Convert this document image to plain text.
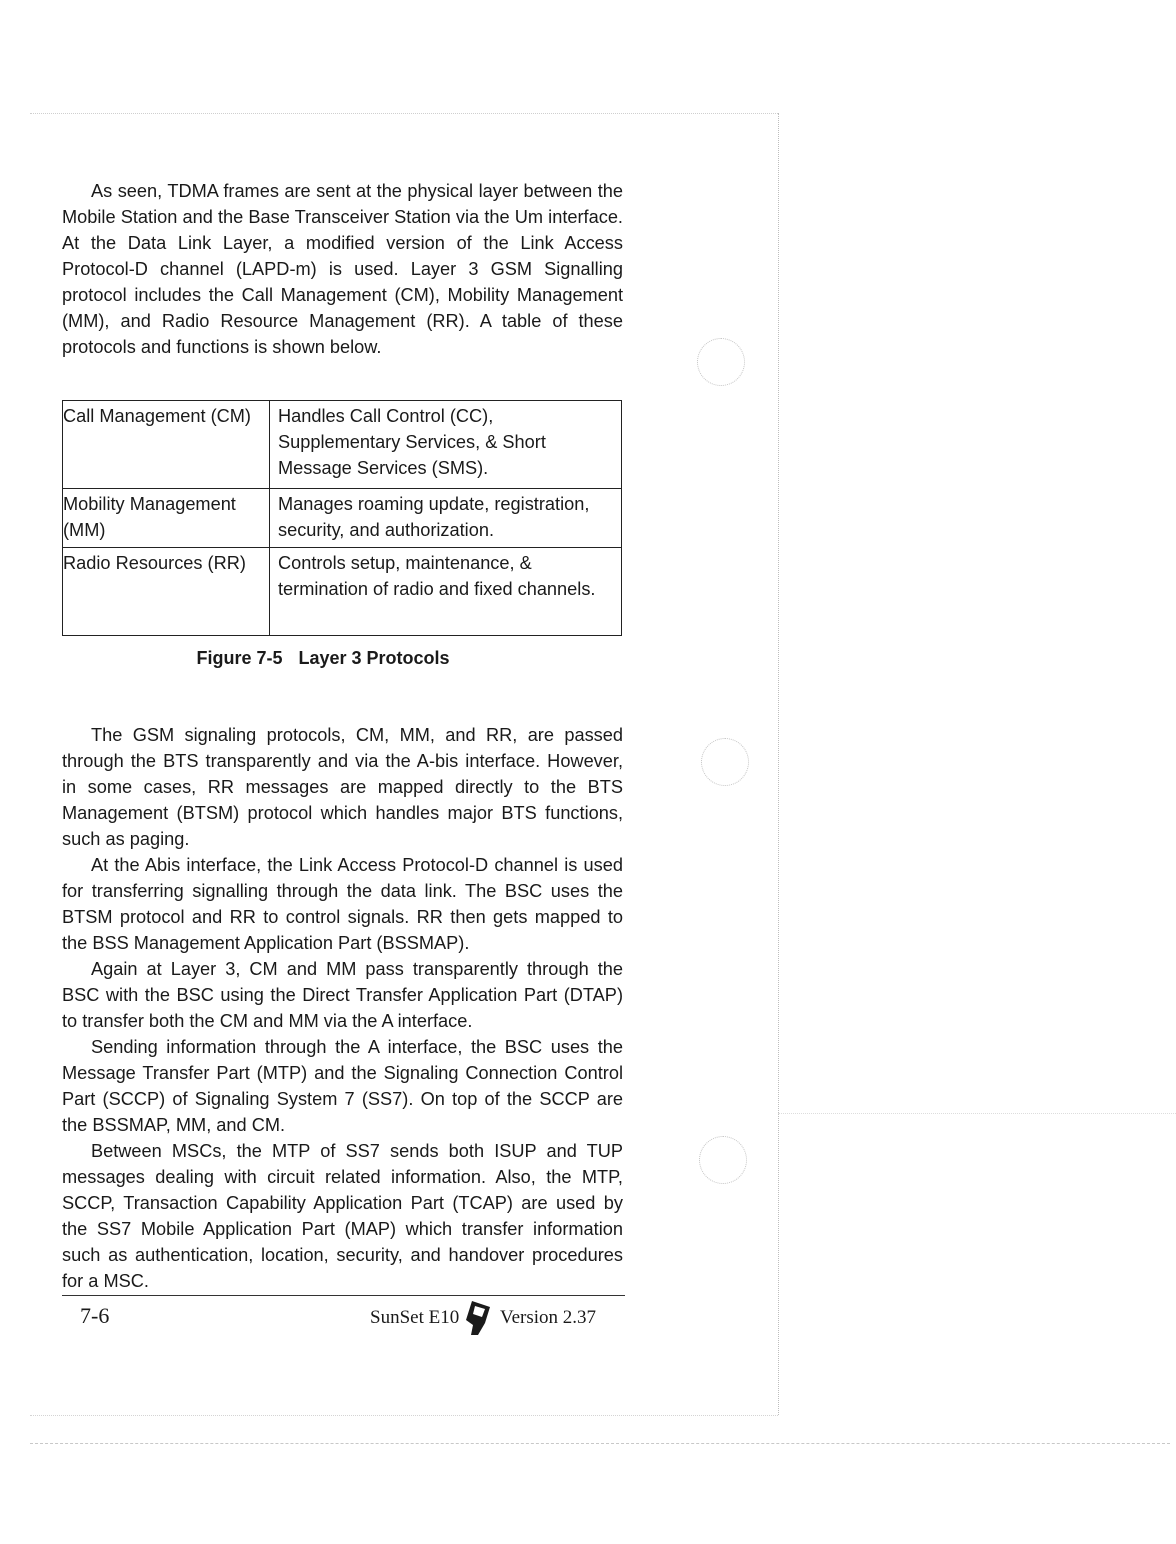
As seen, TDMA frames are sent at the physical layer between the Mobile Station and the Base Transceiver Station via the Um interface. At the Data Link Layer, a modified version of the Link Access Protocol-D channel (LAPD-m) is used. Layer 3 GSM Signalling protocol includes the Call Management (CM), Mobility Management (MM), and Radio Resource Management (RR). A table of these protocols and functions is shown below.

Call Management (CM)	Handles Call Control (CC), Supplementary Services, & Short Message Services (SMS).
Mobility Management (MM)	Manages roaming update, registration, security, and authorization.
Radio Resources (RR)	Controls setup, maintenance, & termination of radio and fixed channels.
Figure 7-5 Layer 3 Protocols

The GSM signaling protocols, CM, MM, and RR, are passed through the BTS transparently and via the A-bis interface. However, in some cases, RR messages are mapped directly to the BTS Management (BTSM) protocol which handles major BTS functions, such as paging.

At the Abis interface, the Link Access Protocol-D channel is used for transferring signalling through the data link. The BSC uses the BTSM protocol and RR to control signals. RR then gets mapped to the BSS Management Application Part (BSSMAP).

Again at Layer 3, CM and MM pass transparently through the BSC with the BSC using the Direct Transfer Application Part (DTAP) to transfer both the CM and MM via the A interface.

Sending information through the A interface, the BSC uses the Message Transfer Part (MTP) and the Signaling Connection Control Part (SCCP) of Signaling System 7 (SS7). On top of the SCCP are the BSSMAP, MM, and CM.

Between MSCs, the MTP of SS7 sends both ISUP and TUP messages dealing with circuit related information. Also, the MTP, SCCP, Transaction Capability Application Part (TCAP) are used by the SS7 Mobile Application Part (MAP) which transfer information such as authentication, location, security, and handover procedures for a MSC.

7-6	SunSet E10 Version 2.37
